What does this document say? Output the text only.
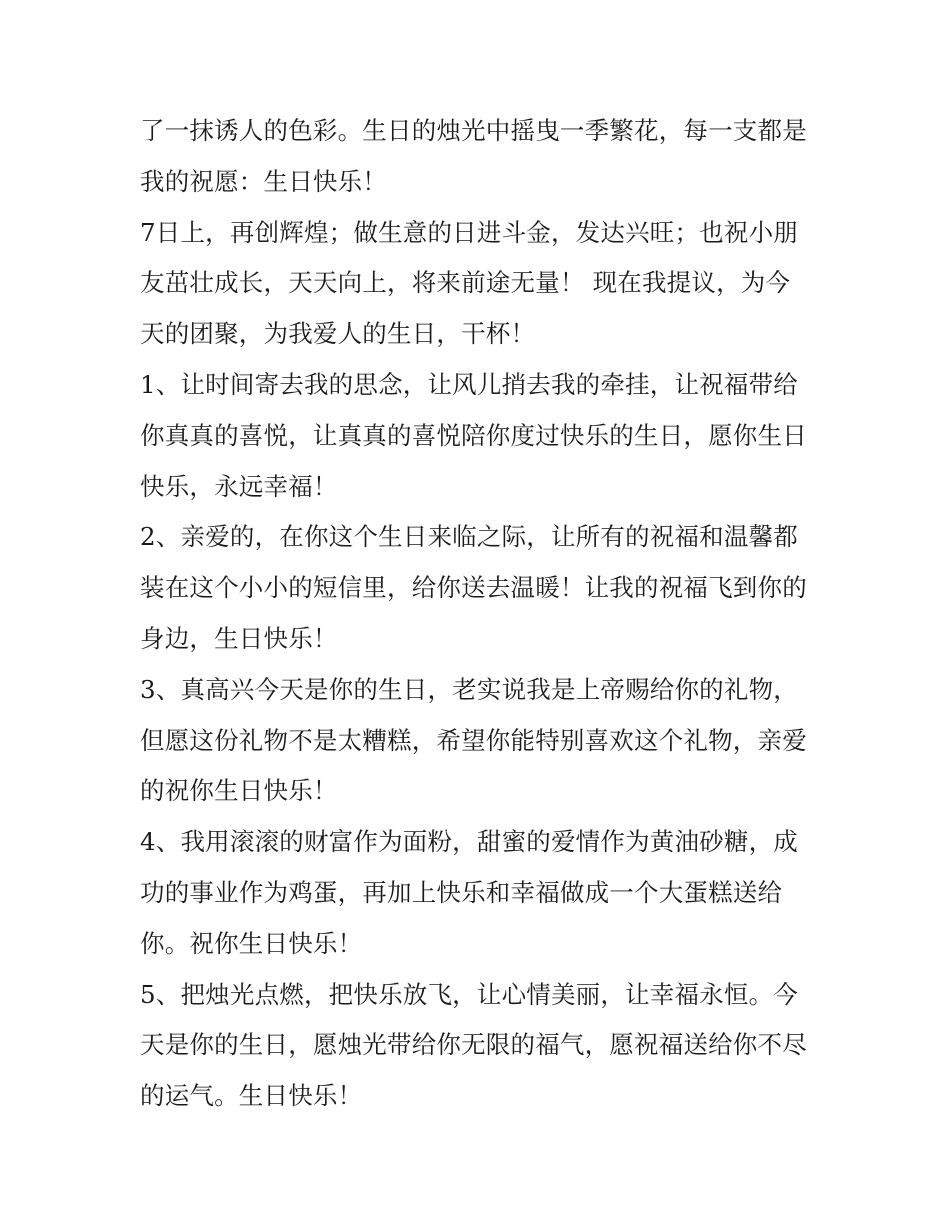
了一抹诱人的色彩。生日的烛光中摇曳一季繁花，每一支都是
我的祝愿：生日快乐！
7日上，再创辉煌；做生意的日进斗金，发达兴旺；也祝小朋
友茁壮成长，天天向上，将来前途无量！ 现在我提议，为今
天的团聚，为我爱人的生日，干杯！
1、让时间寄去我的思念，让风儿捎去我的牵挂，让祝福带给
你真真的喜悦，让真真的喜悦陪你度过快乐的生日，愿你生日
快乐，永远幸福！
2、亲爱的，在你这个生日来临之际，让所有的祝福和温馨都
装在这个小小的短信里，给你送去温暖！让我的祝福飞到你的
身边，生日快乐！
3、真高兴今天是你的生日，老实说我是上帝赐给你的礼物，
但愿这份礼物不是太糟糕，希望你能特别喜欢这个礼物，亲爱
的祝你生日快乐！
4、我用滚滚的财富作为面粉，甜蜜的爱情作为黄油砂糖，成
功的事业作为鸡蛋，再加上快乐和幸福做成一个大蛋糕送给
你。祝你生日快乐！
5、把烛光点燃，把快乐放飞，让心情美丽，让幸福永恒。今
天是你的生日，愿烛光带给你无限的福气，愿祝福送给你不尽
的运气。生日快乐！
